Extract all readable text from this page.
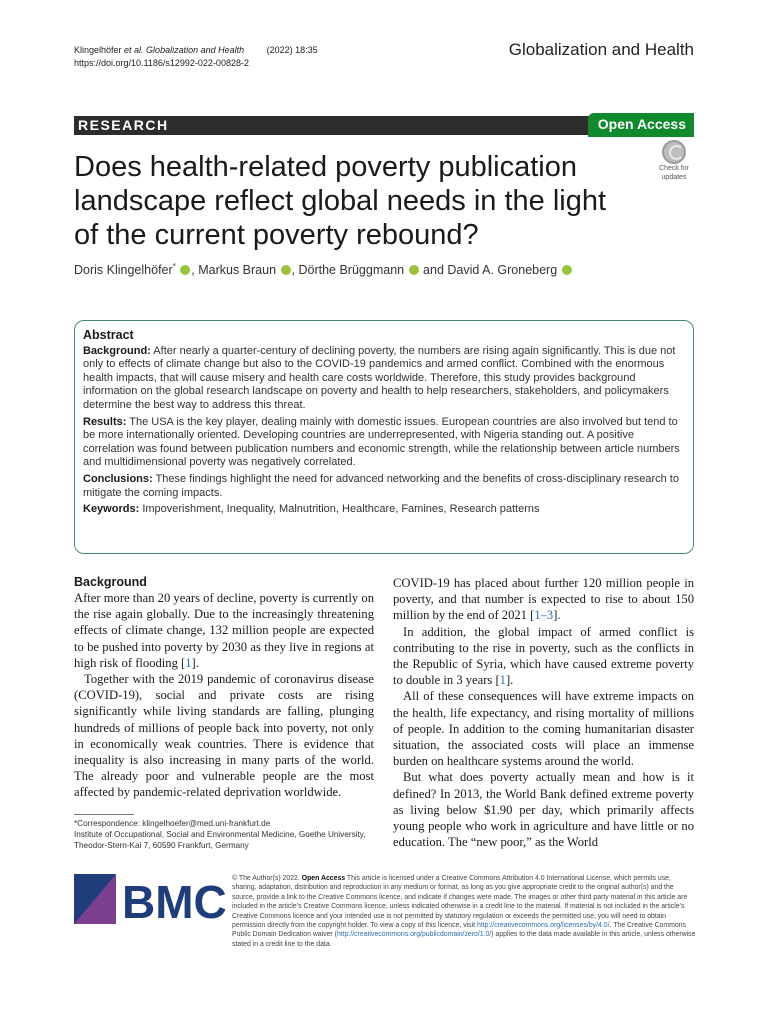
Klingelhöfer et al. Globalization and Health	(2022) 18:35
https://doi.org/10.1186/s12992-022-00828-2
Globalization and Health
RESEARCH	Open Access
Does health-related poverty publication landscape reflect global needs in the light of the current poverty rebound?
Check for
updates
Doris Klingelhöfer* , Markus Braun , Dörthe Brüggmann  and David A. Groneberg
Abstract

Background: After nearly a quarter-century of declining poverty, the numbers are rising again significantly. This is due not only to effects of climate change but also to the COVID-19 pandemics and armed conflict. Combined with the enormous health impacts, that will cause misery and health care costs worldwide. Therefore, this study provides background information on the global research landscape on poverty and health to help researchers, stakeholders, and policymakers determine the best way to address this threat.

Results: The USA is the key player, dealing mainly with domestic issues. European countries are also involved but tend to be more internationally oriented. Developing countries are underrepresented, with Nigeria standing out. A positive correlation was found between publication numbers and economic strength, while the relationship between article numbers and multidimensional poverty was negatively correlated.

Conclusions: These findings highlight the need for advanced networking and the benefits of cross-disciplinary research to mitigate the coming impacts.

Keywords: Impoverishment, Inequality, Malnutrition, Healthcare, Famines, Research patterns

Background

After more than 20 years of decline, poverty is currently on the rise again globally. Due to the increasingly threatening effects of climate change, 132 million people are expected to be pushed into poverty by 2030 as they live in regions at high risk of flooding [1].

Together with the 2019 pandemic of coronavirus disease (COVID-19), social and private costs are rising significantly while living standards are falling, plunging hundreds of millions of people back into poverty, not only in economically weak countries. There is evidence that inequality is also increasing in many parts of the world. The already poor and vulnerable people are the most affected by pandemic-related deprivation worldwide.

COVID-19 has placed about further 120 million people in poverty, and that number is expected to rise to about 150 million by the end of 2021 [1–3].

In addition, the global impact of armed conflict is contributing to the rise in poverty, such as the conflicts in the Republic of Syria, which have caused extreme poverty to double in 3 years [1].

All of these consequences will have extreme impacts on the health, life expectancy, and rising mortality of millions of people. In addition to the coming humanitarian disaster situation, the associated costs will place an immense burden on healthcare systems around the world.

But what does poverty actually mean and how is it defined? In 2013, the World Bank defined extreme poverty as living below $1.90 per day, which primarily affects young people who work in agriculture and have little or no education. The “new poor,” as the World

*Correspondence: klingelhoefer@med.uni-frankfurt.de
Institute of Occupational, Social and Environmental Medicine, Goethe University, Theodor-Stern-Kai 7, 60590 Frankfurt, Germany
BMC © The Author(s) 2022. Open Access This article is licensed under a Creative Commons Attribution 4.0 International License, which permits use, sharing, adaptation, distribution and reproduction in any medium or format, as long as you give appropriate credit to the original author(s) and the source, provide a link to the Creative Commons licence, and indicate if changes were made. The images or other third party material in this article are included in the article’s Creative Commons licence, unless indicated otherwise in a credit line to the material. If material is not included in the article’s Creative Commons licence and your intended use is not permitted by statutory regulation or exceeds the permitted use, you will need to obtain permission directly from the copyright holder. To view a copy of this licence, visit http://creativecommons.org/licenses/by/4.0/. The Creative Commons Public Domain Dedication waiver (http://creativecommons.org/publicdomain/zero/1.0/) applies to the data made available in this article, unless otherwise stated in a credit line to the data.
